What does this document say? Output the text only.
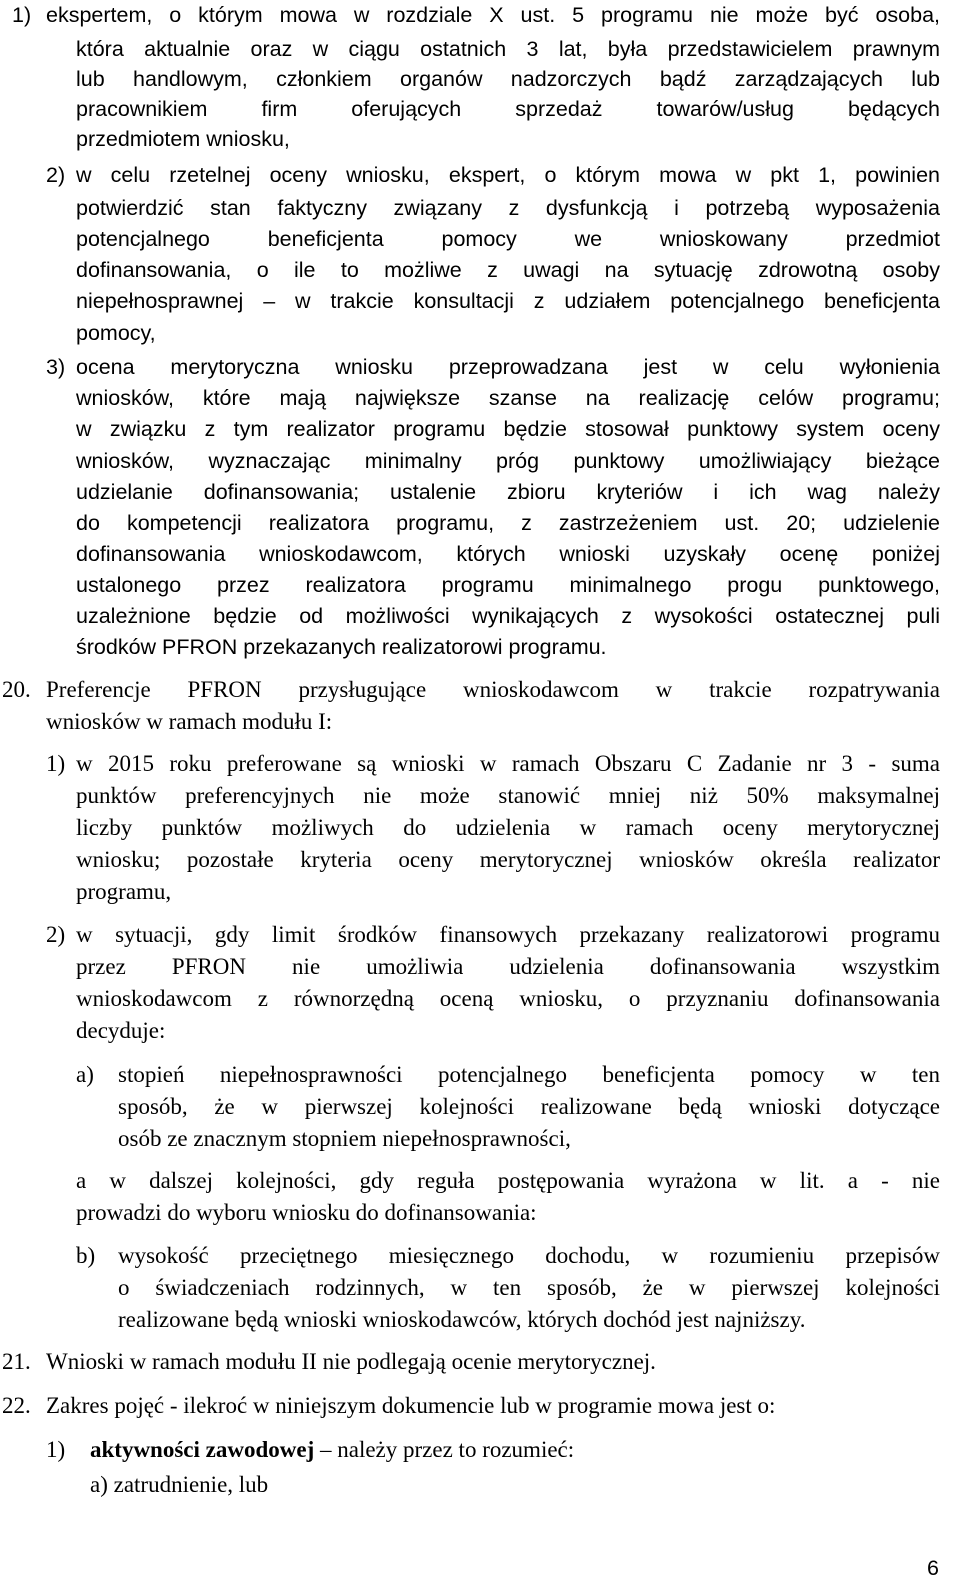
1) ekspertem, o którym mowa w rozdziale X ust. 5 programu nie może być osoba,
która aktualnie oraz w ciągu ostatnich 3 lat, była przedstawicielem prawnym
lub handlowym, członkiem organów nadzorczych bądź zarządzających lub
pracownikiem firm oferujących sprzedaż towarów/usług będących
przedmiotem wniosku,
2) w celu rzetelnej oceny wniosku, ekspert, o którym mowa w pkt 1, powinien
potwierdzić stan faktyczny związany z dysfunkcją i potrzebą wyposażenia
potencjalnego beneficjenta pomocy we wnioskowany przedmiot
dofinansowania, o ile to możliwe z uwagi na sytuację zdrowotną osoby
niepełnosprawnej – w trakcie konsultacji z udziałem potencjalnego beneficjenta
pomocy,
3) ocena merytoryczna wniosku przeprowadzana jest w celu wyłonienia
wniosków, które mają największe szanse na realizację celów programu;
w związku z tym realizator programu będzie stosował punktowy system oceny
wniosków, wyznaczając minimalny próg punktowy umożliwiający bieżące
udzielanie dofinansowania; ustalenie zbioru kryteriów i ich wag należy
do kompetencji realizatora programu, z zastrzeżeniem ust. 20; udzielenie
dofinansowania wnioskodawcom, których wnioski uzyskały ocenę poniżej
ustalonego przez realizatora programu minimalnego progu punktowego,
uzależnione będzie od możliwości wynikających z wysokości ostatecznej puli
środków PFRON przekazanych realizatorowi programu.
20. Preferencje PFRON przysługujące wnioskodawcom w trakcie rozpatrywania
wniosków w ramach modułu I:
1) w 2015 roku preferowane są wnioski w ramach Obszaru C Zadanie nr 3 - suma
punktów preferencyjnych nie może stanowić mniej niż 50% maksymalnej
liczby punktów możliwych do udzielenia w ramach oceny merytorycznej
wniosku; pozostałe kryteria oceny merytorycznej wniosków określa realizator
programu,
2) w sytuacji, gdy limit środków finansowych przekazany realizatorowi programu
przez PFRON nie umożliwia udzielenia dofinansowania wszystkim
wnioskodawcom z równorzędną oceną wniosku, o przyznaniu dofinansowania
decyduje:
a) stopień niepełnosprawności potencjalnego beneficjenta pomocy w ten
sposób, że w pierwszej kolejności realizowane będą wnioski dotyczące
osób ze znacznym stopniem niepełnosprawności,
a w dalszej kolejności, gdy reguła postępowania wyrażona w lit. a - nie
prowadzi do wyboru wniosku do dofinansowania:
b) wysokość przeciętnego miesięcznego dochodu, w rozumieniu przepisów
o świadczeniach rodzinnych, w ten sposób, że w pierwszej kolejności
realizowane będą wnioski wnioskodawców, których dochód jest najniższy.
21. Wnioski w ramach modułu II nie podlegają ocenie merytorycznej.
22. Zakres pojęć - ilekroć w niniejszym dokumencie lub w programie mowa jest o:
1) aktywności zawodowej – należy przez to rozumieć:
a) zatrudnienie, lub
6
